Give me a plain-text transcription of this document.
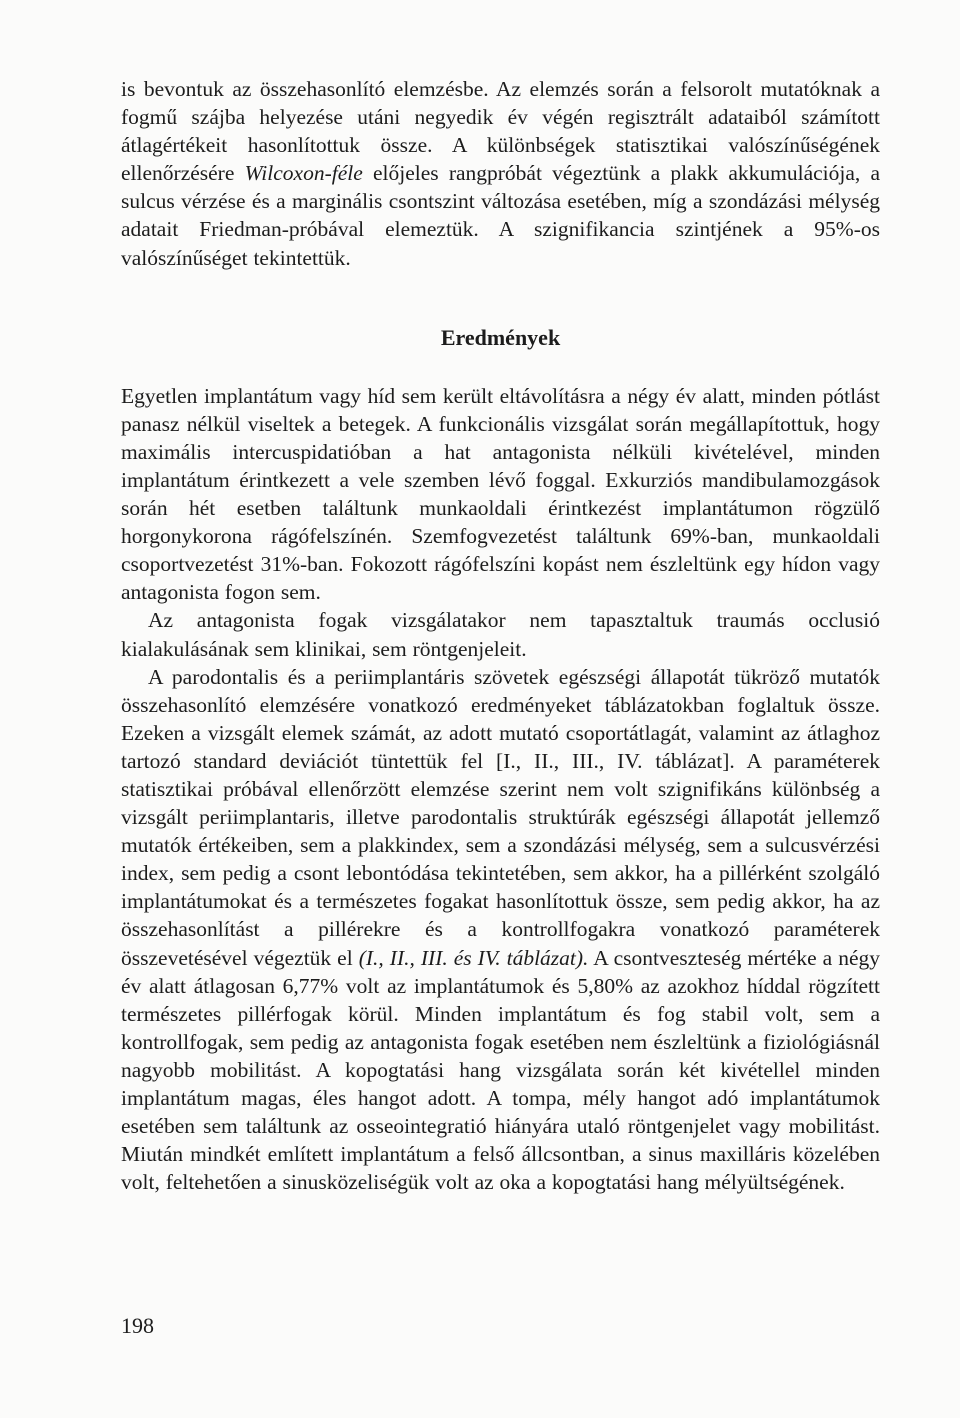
is bevontuk az összehasonlító elemzésbe. Az elemzés során a felsorolt mutatóknak a fogmű szájba helyezése utáni negyedik év végén regisztrált adataiból számított átlagértékeit hasonlítottuk össze. A különbségek statisztikai valószínűségének ellenőrzésére Wilcoxon-féle előjeles rangpróbát végeztünk a plakk akkumulációja, a sulcus vérzése és a marginális csontszint változása esetében, míg a szondázási mélység adatait Friedman-próbával elemeztük. A szignifikancia szintjének a 95%-os valószínűséget tekintettük.

Eredmények

Egyetlen implantátum vagy híd sem került eltávolításra a négy év alatt, minden pótlást panasz nélkül viseltek a betegek. A funkcionális vizsgálat során megállapítottuk, hogy maximális intercuspidatióban a hat antagonista nélküli kivételével, minden implantátum érintkezett a vele szemben lévő foggal. Exkurziós mandibulamozgások során hét esetben találtunk munkaoldali érintkezést implantátumon rögzülő horgonykorona rágófelszínén. Szemfogvezetést találtunk 69%-ban, munkaoldali csoportvezetést 31%-ban. Fokozott rágófelszíni kopást nem észleltünk egy hídon vagy antagonista fogon sem.

Az antagonista fogak vizsgálatakor nem tapasztaltuk traumás occlusió kialakulásának sem klinikai, sem röntgenjeleit.

A parodontalis és a periimplantáris szövetek egészségi állapotát tükröző mutatók összehasonlító elemzésére vonatkozó eredményeket táblázatokban foglaltuk össze. Ezeken a vizsgált elemek számát, az adott mutató csoportátlagát, valamint az átlaghoz tartozó standard deviációt tüntettük fel [I., II., III., IV. táblázat]. A paraméterek statisztikai próbával ellenőrzött elemzése szerint nem volt szignifikáns különbség a vizsgált periimplantaris, illetve parodontalis struktúrák egészségi állapotát jellemző mutatók értékeiben, sem a plakkindex, sem a szondázási mélység, sem a sulcusvérzési index, sem pedig a csont lebontódása tekintetében, sem akkor, ha a pillérként szolgáló implantátumokat és a természetes fogakat hasonlítottuk össze, sem pedig akkor, ha az összehasonlítást a pillérekre és a kontrollfogakra vonatkozó paraméterek összevetésével végeztük el (I., II., III. és IV. táblázat). A csontveszteség mértéke a négy év alatt átlagosan 6,77% volt az implantátumok és 5,80% az azokhoz híddal rögzített természetes pillérfogak körül. Minden implantátum és fog stabil volt, sem a kontrollfogak, sem pedig az antagonista fogak esetében nem észleltünk a fiziológiásnál nagyobb mobilitást. A kopogtatási hang vizsgálata során két kivétellel minden implantátum magas, éles hangot adott. A tompa, mély hangot adó implantátumok esetében sem találtunk az osseointegratió hiányára utaló röntgenjelet vagy mobilitást. Miután mindkét említett implantátum a felső állcsontban, a sinus maxilláris közelében volt, feltehetően a sinusközeliségük volt az oka a kopogtatási hang mélyültségének.

198
